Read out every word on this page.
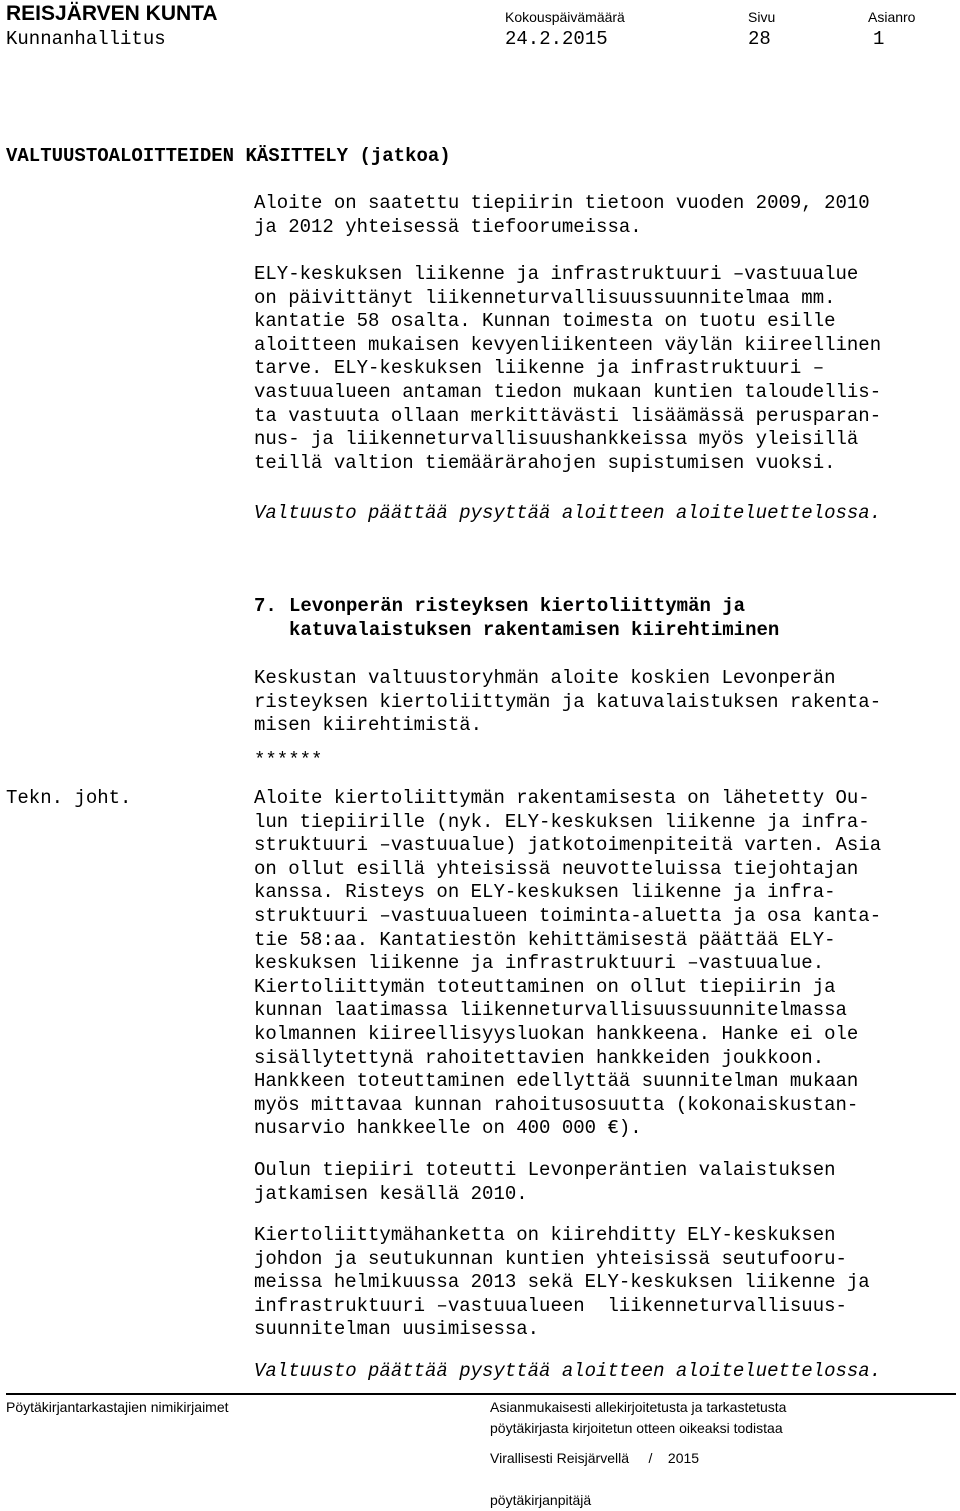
REISJÄRVEN KUNTA
Kunnanhallitus
Kokouspäivämäärä
24.2.2015
Sivu
28
Asianro
1
VALTUUSTOALOITTEIDEN KÄSITTELY (jatkoa)
Aloite on saatettu tiepiirin tietoon vuoden 2009, 2010
ja 2012 yhteisessä tiefoorumeissa.
ELY-keskuksen liikenne ja infrastruktuuri –vastuualue
on päivittänyt liikenneturvallisuussuunnitelmaa mm.
kantatie 58 osalta. Kunnan toimesta on tuotu esille
aloitteen mukaisen kevyenliikenteen väylän kiireellinen
tarve. ELY-keskuksen liikenne ja infrastruktuuri –
vastuualueen antaman tiedon mukaan kuntien taloudellis-
ta vastuuta ollaan merkittävästi lisäämässä perusparan-
nus- ja liikenneturvallisuushankkeissa myös yleisillä
teillä valtion tiemäärärahojen supistumisen vuoksi.
Valtuusto päättää pysyttää aloitteen aloiteluettelossa.
7. Levonperän risteyksen kiertoliittymän ja
katuvalaistuksen rakentamisen kiirehtiminen
Keskustan valtuustoryhmän aloite koskien Levonperän
risteyksen kiertoliittymän ja katuvalaistuksen rakenta-
misen kiirehtimistä.
******
Tekn. joht.	Aloite kiertoliittymän rakentamisesta on lähetetty Ou-
lun tiepiirille (nyk. ELY-keskuksen liikenne ja infra-
struktuuri –vastuualue) jatkotoimenpiteitä varten. Asia
on ollut esillä yhteisissä neuvotteluissa tiejohtajan
kanssa. Risteys on ELY-keskuksen liikenne ja infra-
struktuuri –vastuualueen toiminta-aluetta ja osa kanta-
tie 58:aa. Kantatiestön kehittämisestä päättää ELY-
keskuksen liikenne ja infrastruktuuri –vastuualue.
Kiertoliittymän toteuttaminen on ollut tiepiirin ja
kunnan laatimassa liikenneturvallisuussuunnitelmassa
kolmannen kiireellisyysluokan hankkeena. Hanke ei ole
sisällytettynä rahoitettavien hankkeiden joukkoon.
Hankkeen toteuttaminen edellyttää suunnitelman mukaan
myös mittavaa kunnan rahoitusosuutta (kokonaiskustan-
nusarvio hankkeelle on 400 000 €).
Oulun tiepiiri toteutti Levonperäntien valaistuksen
jatkamisen kesällä 2010.
Kiertoliittymähanketta on kiirehditty ELY-keskuksen
johdon ja seutukunnan kuntien yhteisissä seutufooru-
meissa helmikuussa 2013 sekä ELY-keskuksen liikenne ja
infrastruktuuri –vastuualueen  liikenneturvallisuus-
suunnitelman uusimisessa.
Valtuusto päättää pysyttää aloitteen aloiteluettelossa.
Pöytäkirjantarkastajien nimikirjaimet	Asianmukaisesti allekirjoitetusta ja tarkastetusta
pöytäkirjasta kirjoitetun otteen oikeaksi todistaa
Virallisesti Reisjärvellä     /    2015
pöytäkirjanpitäjä
